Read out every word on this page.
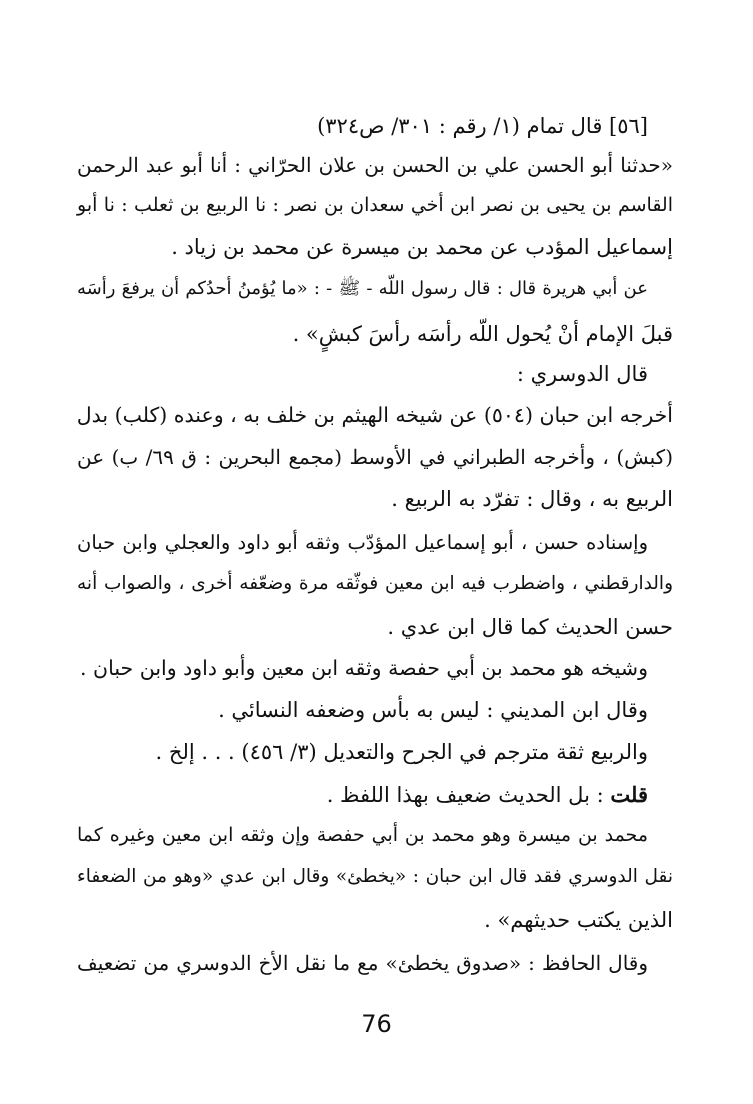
[٥٦] قال تمام (١/ رقم : ٣٠١/ ص٣٢٤)
«حدثنا أبو الحسن علي بن الحسن بن علان الحرّاني : أنا أبو عبد الرحمن
القاسم بن يحيى بن نصر ابن أخي سعدان بن نصر : نا الربيع بن ثعلب : نا أبو
إسماعيل المؤدب عن محمد بن ميسرة عن محمد بن زياد .
عن أبي هريرة قال : قال رسول اللّه - ﷺ - : «ما يُؤمنُ أحدُكم أن يرفعَ رأسَه
قبلَ الإمام أنْ يُحول اللّه رأسَه رأسَ كبشٍ» .
قال الدوسري :
أخرجه ابن حبان (٥٠٤) عن شيخه الهيثم بن خلف به ، وعنده (كلب) بدل
(كبش) ، وأخرجه الطبراني في الأوسط (مجمع البحرين : ق ٦٩/ ب) عن
الربيع به ، وقال : تفرّد به الربيع .
وإسناده حسن ، أبو إسماعيل المؤدّب وثقه أبو داود والعجلي وابن حبان
والدارقطني ، واضطرب فيه ابن معين فوثّقه مرة وضعّفه أخرى ، والصواب أنه
حسن الحديث كما قال ابن عدي .
وشيخه هو محمد بن أبي حفصة وثقه ابن معين وأبو داود وابن حبان .
وقال ابن المديني : ليس به بأس وضعفه النسائي .
والربيع ثقة مترجم في الجرح والتعديل (٣/ ٤٥٦) . . . إلخ .
قلت : بل الحديث ضعيف بهذا اللفظ .
محمد بن ميسرة وهو محمد بن أبي حفصة وإن وثقه ابن معين وغيره كما
نقل الدوسري فقد قال ابن حبان : «يخطئ» وقال ابن عدي «وهو من الضعفاء
الذين يكتب حديثهم» .
وقال الحافظ : «صدوق يخطئ» مع ما نقل الأخ الدوسري من تضعيف
76
